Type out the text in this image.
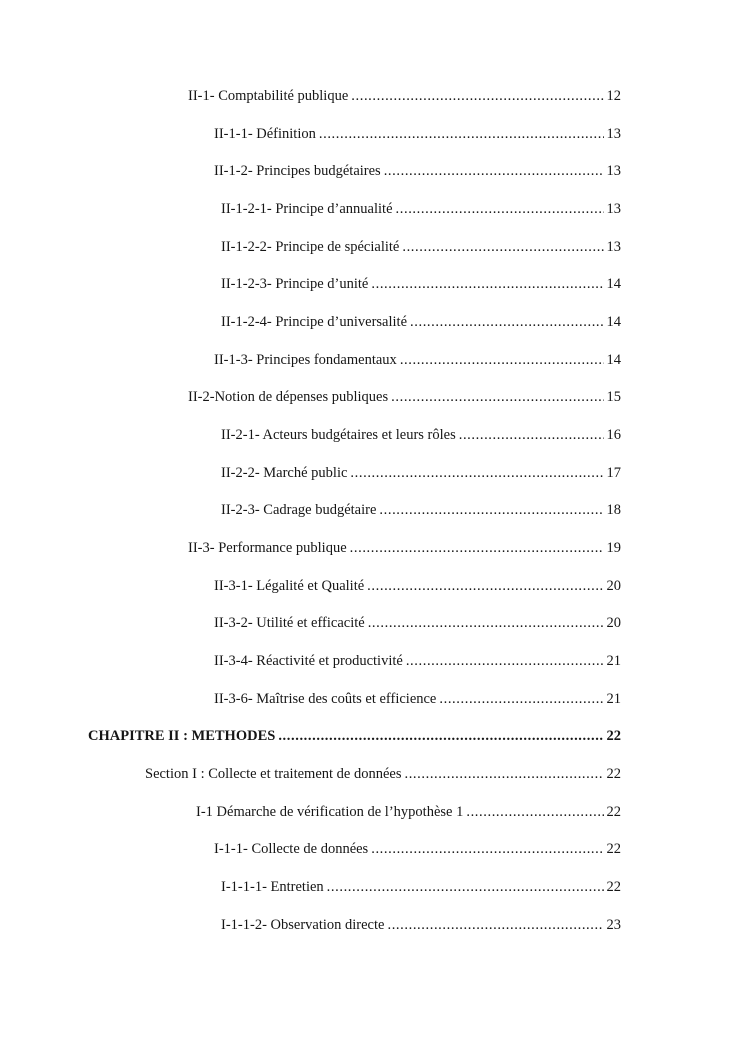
II-1- Comptabilité publique .....	12
II-1-1- Définition .....	13
II-1-2- Principes budgétaires .....	13
II-1-2-1- Principe d’annualité .....	13
II-1-2-2- Principe de spécialité .....	13
II-1-2-3- Principe d’unité .....	14
II-1-2-4- Principe d’universalité .....	14
II-1-3- Principes fondamentaux .....	14
II-2-Notion de dépenses publiques .....	15
II-2-1- Acteurs budgétaires et leurs rôles .....	16
II-2-2- Marché public .....	17
II-2-3- Cadrage budgétaire .....	18
II-3- Performance publique .....	19
II-3-1- Légalité et Qualité .....	20
II-3-2- Utilité et efficacité .....	20
II-3-4- Réactivité et productivité .....	21
II-3-6- Maîtrise des coûts et efficience .....	21
CHAPITRE II : METHODES .....	22
Section I : Collecte et traitement de données .....	22
I-1 Démarche de vérification de l’hypothèse 1 .....	22
I-1-1- Collecte de données .....	22
I-1-1-1- Entretien .....	22
I-1-1-2- Observation directe .....	23
